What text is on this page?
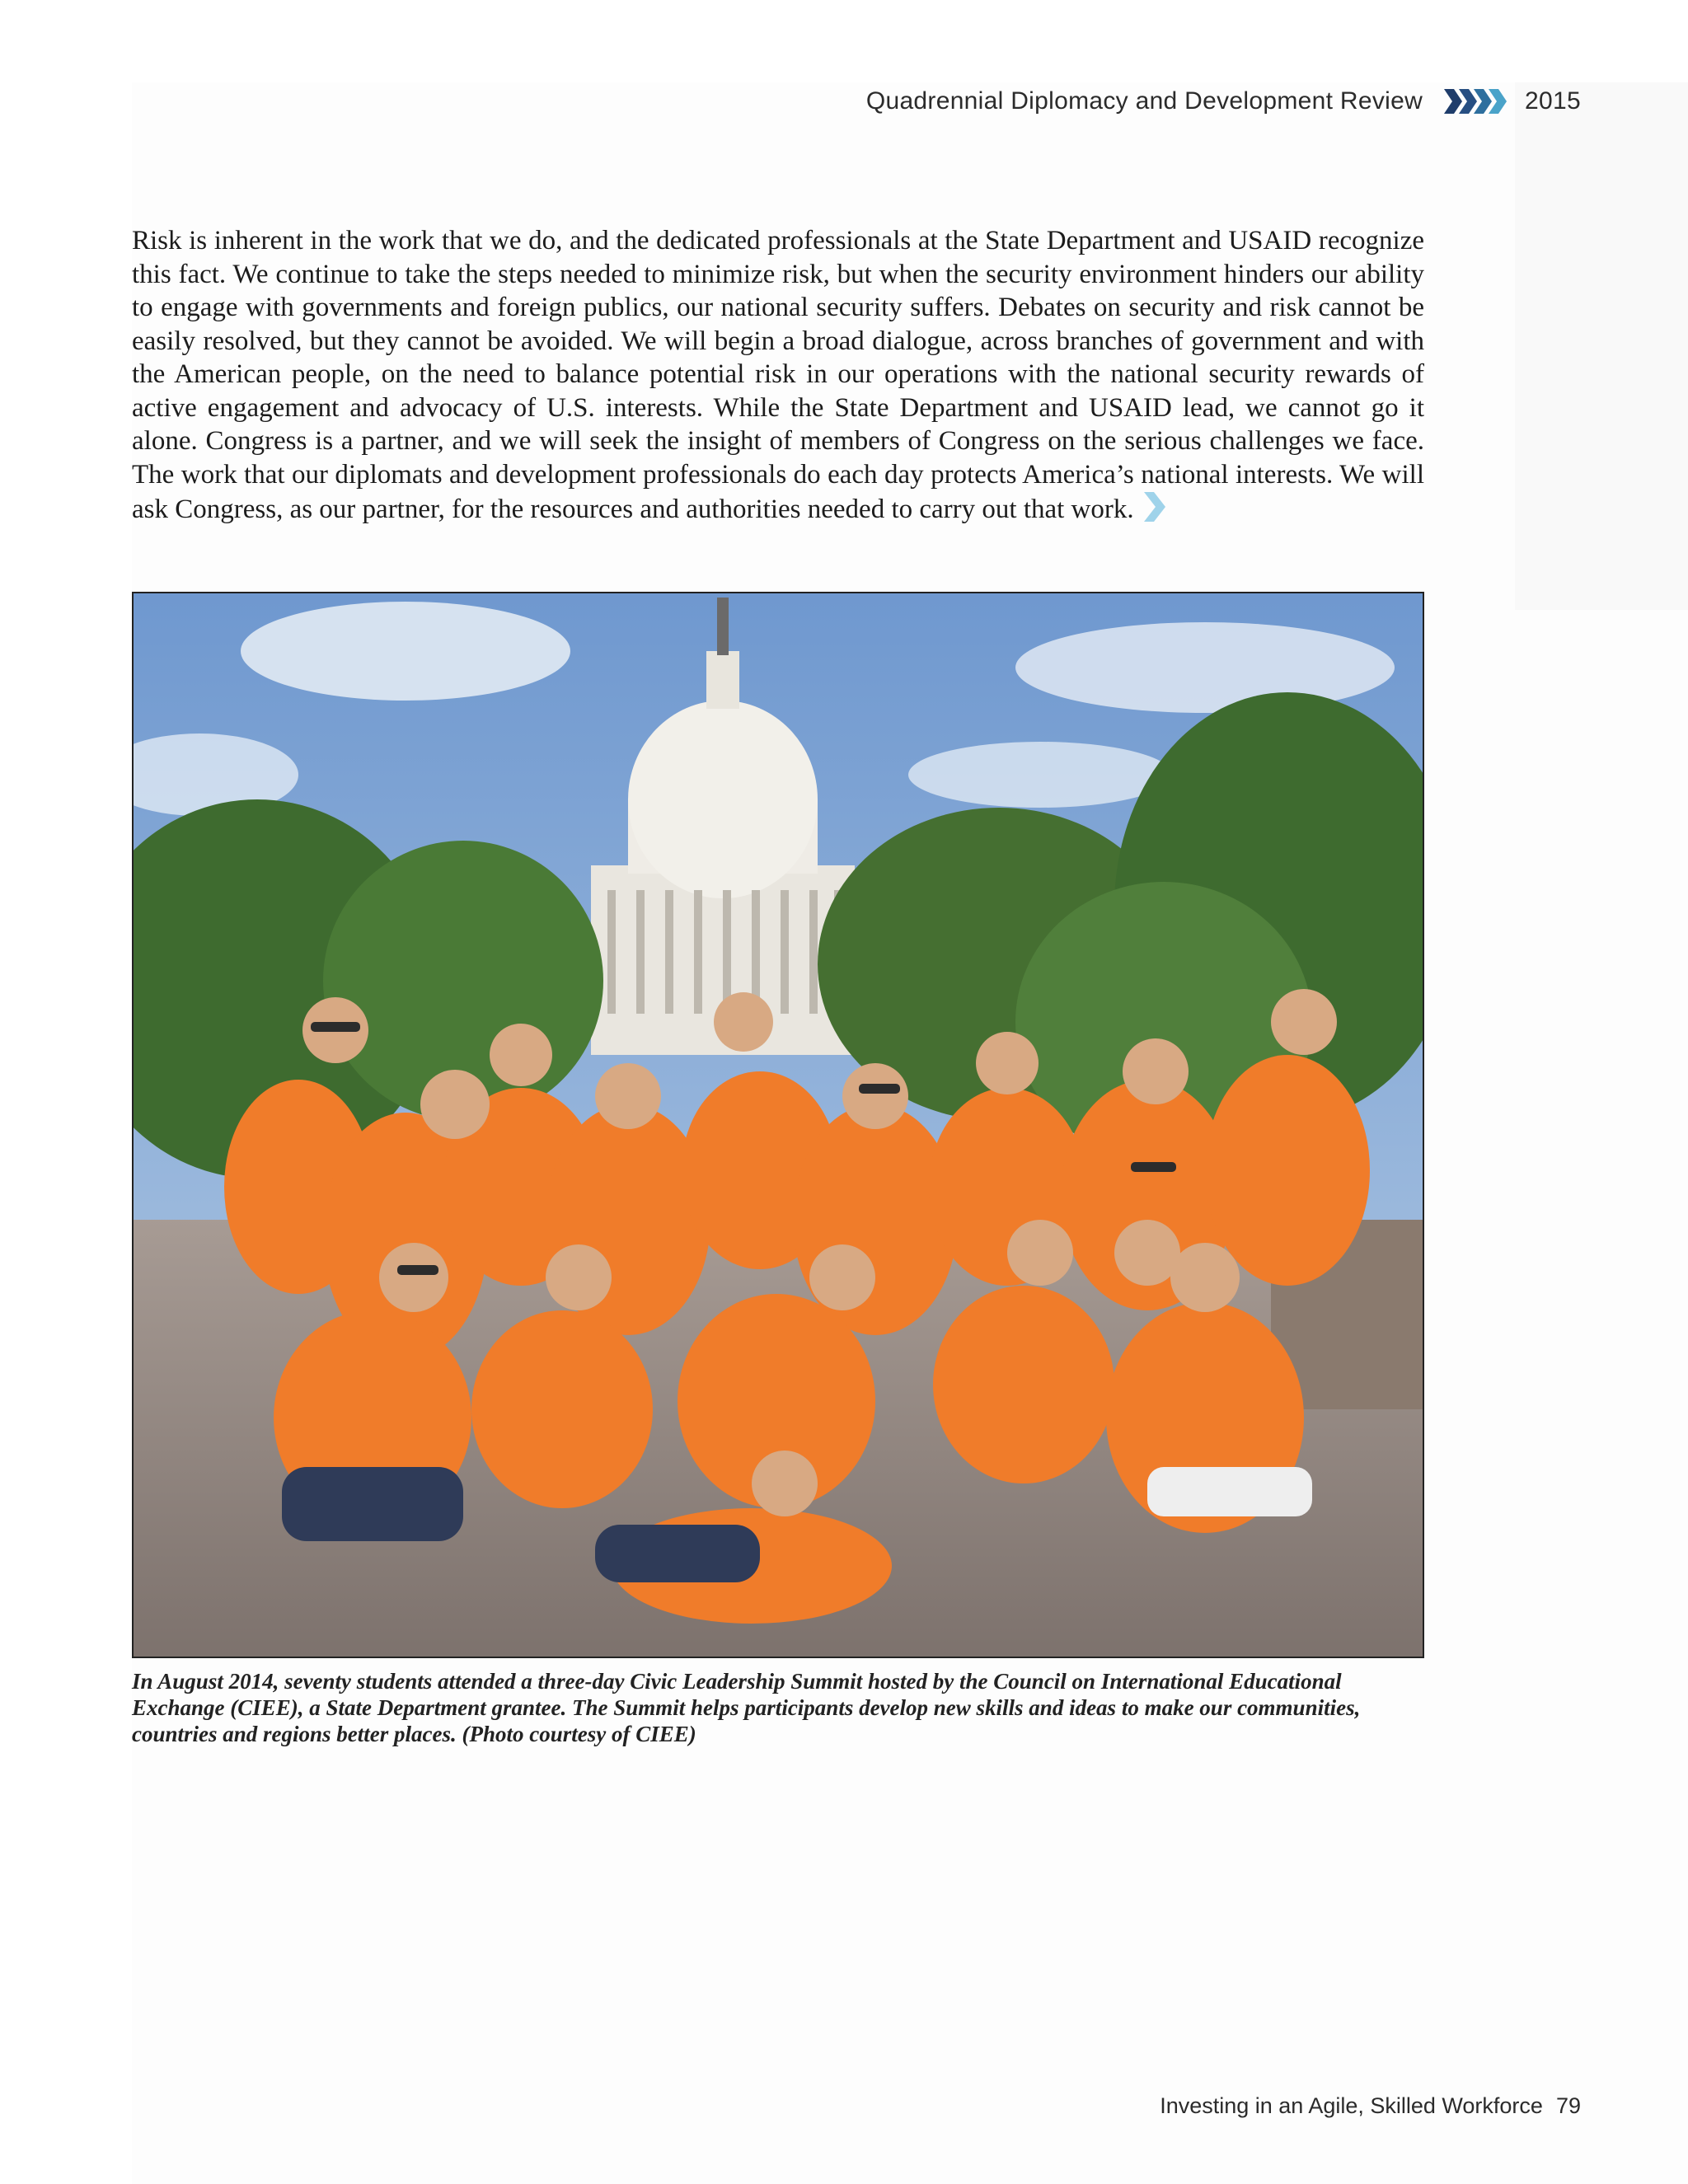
Quadrennial Diplomacy and Development Review	2015
Risk is inherent in the work that we do, and the dedicated professionals at the State Department and USAID recognize this fact. We continue to take the steps needed to minimize risk, but when the security environment hinders our ability to engage with governments and foreign publics, our national security suffers. Debates on security and risk cannot be easily resolved, but they cannot be avoided. We will begin a broad dialogue, across branches of government and with the American people, on the need to balance potential risk in our operations with the national security rewards of active engagement and advocacy of U.S. interests. While the State Department and USAID lead, we cannot go it alone. Congress is a partner, and we will seek the insight of members of Congress on the serious challenges we face. The work that our diplomats and development professionals do each day protects America’s national interests. We will ask Congress, as our partner, for the resources and authorities needed to carry out that work.
In August 2014, seventy students attended a three-day Civic Leadership Summit hosted by the Council on International Educational Exchange (CIEE), a State Department grantee. The Summit helps participants develop new skills and ideas to make our communities, countries and regions better places. (Photo courtesy of CIEE)
Investing in an Agile, Skilled Workforce 79
